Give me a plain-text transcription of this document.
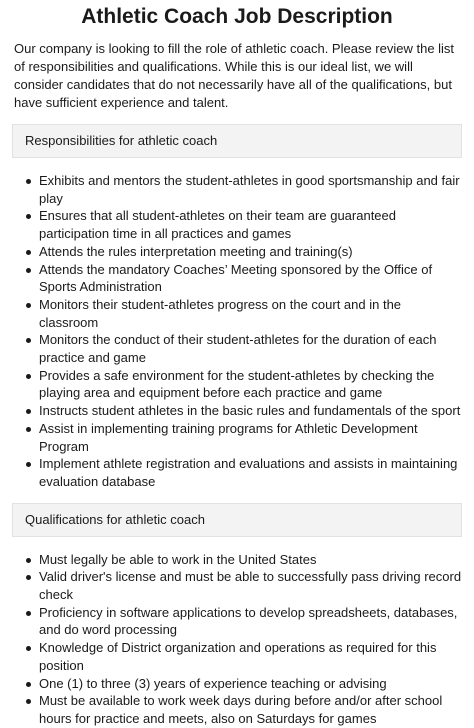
Athletic Coach Job Description

Our company is looking to fill the role of athletic coach. Please review the list of responsibilities and qualifications. While this is our ideal list, we will consider candidates that do not necessarily have all of the qualifications, but have sufficient experience and talent.

Responsibilities for athletic coach
Exhibits and mentors the student-athletes in good sportsmanship and fair play
Ensures that all student-athletes on their team are guaranteed participation time in all practices and games
Attends the rules interpretation meeting and training(s)
Attends the mandatory Coaches’ Meeting sponsored by the Office of Sports Administration
Monitors their student-athletes progress on the court and in the classroom
Monitors the conduct of their student-athletes for the duration of each practice and game
Provides a safe environment for the student-athletes by checking the playing area and equipment before each practice and game
Instructs student athletes in the basic rules and fundamentals of the sport
Assist in implementing training programs for Athletic Development Program
Implement athlete registration and evaluations and assists in maintaining evaluation database
Qualifications for athletic coach
Must legally be able to work in the United States
Valid driver's license and must be able to successfully pass driving record check
Proficiency in software applications to develop spreadsheets, databases, and do word processing
Knowledge of District organization and operations as required for this position
One (1) to three (3) years of experience teaching or advising
Must be available to work week days during before and/or after school hours for practice and meets, also on Saturdays for games
